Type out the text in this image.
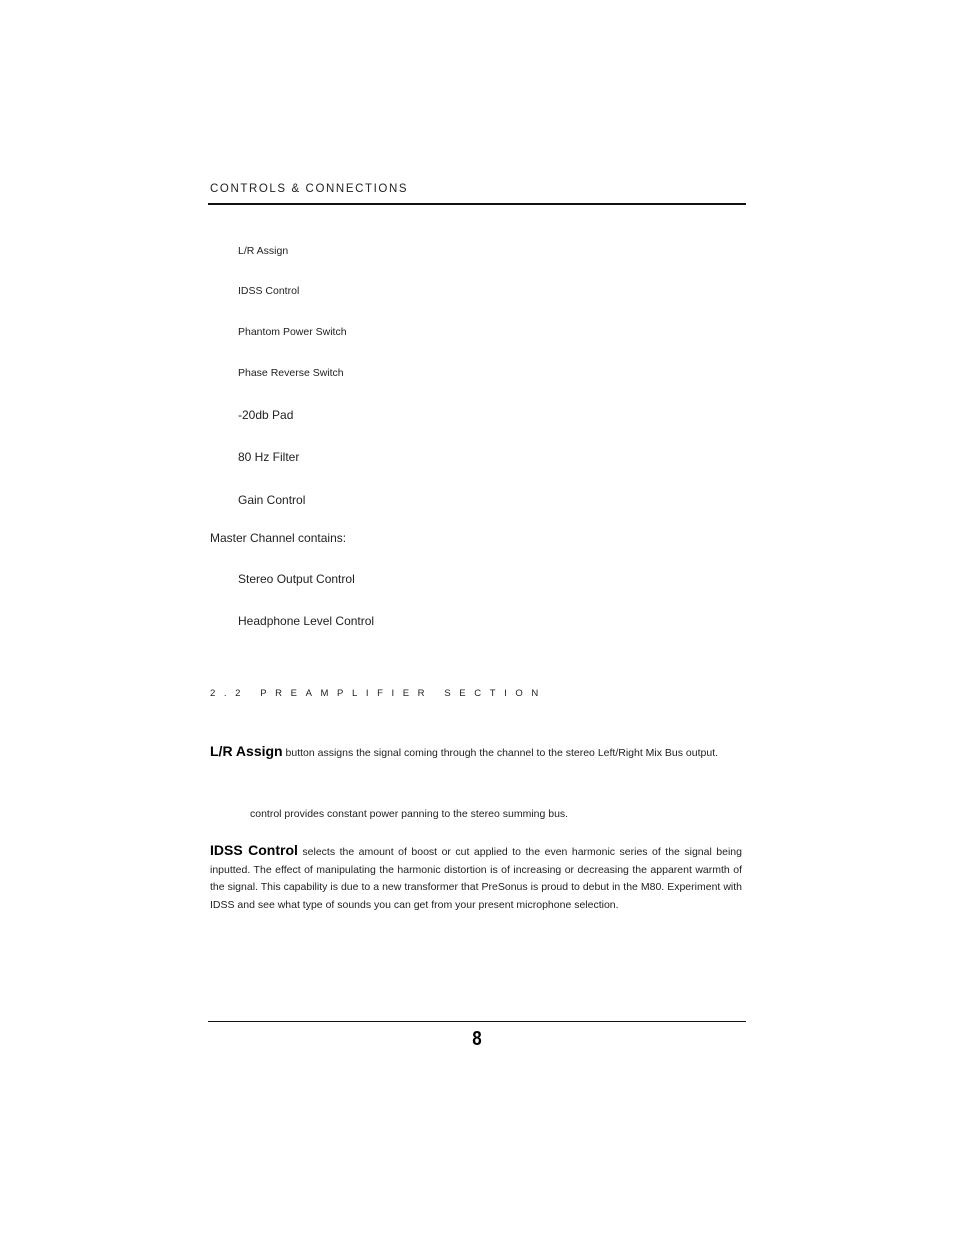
CONTROLS & CONNECTIONS
L/R Assign
IDSS Control
Phantom Power Switch
Phase Reverse Switch
-20db Pad
80 Hz Filter
Gain Control
Master Channel contains:
Stereo Output Control
Headphone Level Control
2.2 PREAMPLIFIER SECTION
L/R Assign button assigns the signal coming through the channel to the stereo Left/Right Mix Bus output.
control provides constant power panning to the stereo summing bus.
IDSS Control selects the amount of boost or cut applied to the even harmonic series of the signal being inputted. The effect of manipulating the harmonic distortion is of increasing or decreasing the apparent warmth of the signal. This capability is due to a new transformer that PreSonus is proud to debut in the M80. Experiment with IDSS and see what type of sounds you can get from your present microphone selection.
8
